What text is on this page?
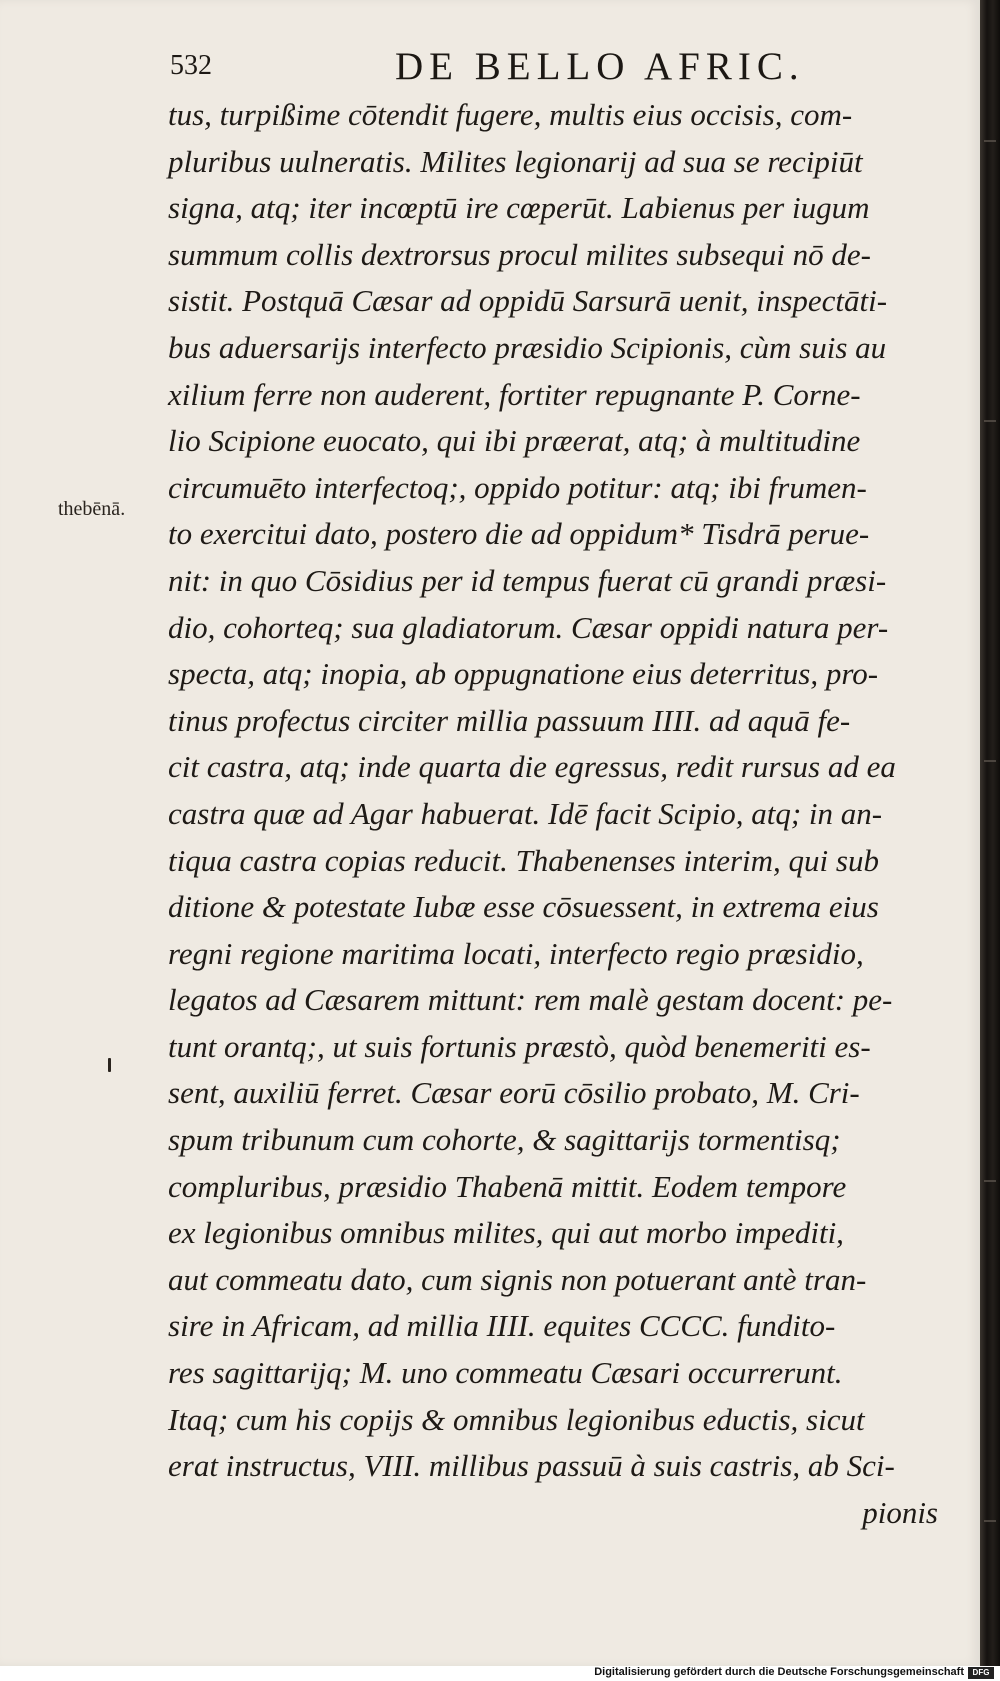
532	DE BELLO AFRIC.
thebēnā.
tus, turpißime cōtendit fugere, multis eius occisis, com-
pluribus uulneratis. Milites legionarij ad sua se recipiūt
signa, atq; iter incœptū ire cœperūt. Labienus per iugum
summum collis dextrorsus procul milites subsequi nō de-
sistit. Postquā Cæsar ad oppidū Sarsurā uenit, inspectāti-
bus aduersarijs interfecto præsidio Scipionis, cùm suis au
xilium ferre non auderent, fortiter repugnante P. Corne-
lio Scipione euocato, qui ibi præerat, atq; à multitudine
circumuēto interfectoq;, oppido potitur: atq; ibi frumen-
to exercitui dato, postero die ad oppidum* Tisdrā perue-
nit: in quo Cōsidius per id tempus fuerat cū grandi præsi-
dio, cohorteq; sua gladiatorum. Cæsar oppidi natura per-
specta, atq; inopia, ab oppugnatione eius deterritus, pro-
tinus profectus circiter millia passuum IIII. ad aquā fe-
cit castra, atq; inde quarta die egressus, redit rursus ad ea
castra quæ ad Agar habuerat. Idē facit Scipio, atq; in an-
tiqua castra copias reducit. Thabenenses interim, qui sub
ditione & potestate Iubæ esse cōsuessent, in extrema eius
regni regione maritima locati, interfecto regio præsidio,
legatos ad Cæsarem mittunt: rem malè gestam docent: pe-
tunt orantq;, ut suis fortunis præstò, quòd benemeriti es-
sent, auxiliū ferret. Cæsar eorū cōsilio probato, M. Cri-
spum tribunum cum cohorte, & sagittarijs tormentisq;
compluribus, præsidio Thabenā mittit. Eodem tempore
ex legionibus omnibus milites, qui aut morbo impediti,
aut commeatu dato, cum signis non potuerant antè tran-
sire in Africam, ad millia IIII. equites CCCC. fundito-
res sagittarijq; M. uno commeatu Cæsari occurrerunt.
Itaq; cum his copijs & omnibus legionibus eductis, sicut
erat instructus, VIII. millibus passuū à suis castris, ab Sci-
pionis
Digitalisierung gefördert durch die Deutsche Forschungsgemeinschaft	DFG
